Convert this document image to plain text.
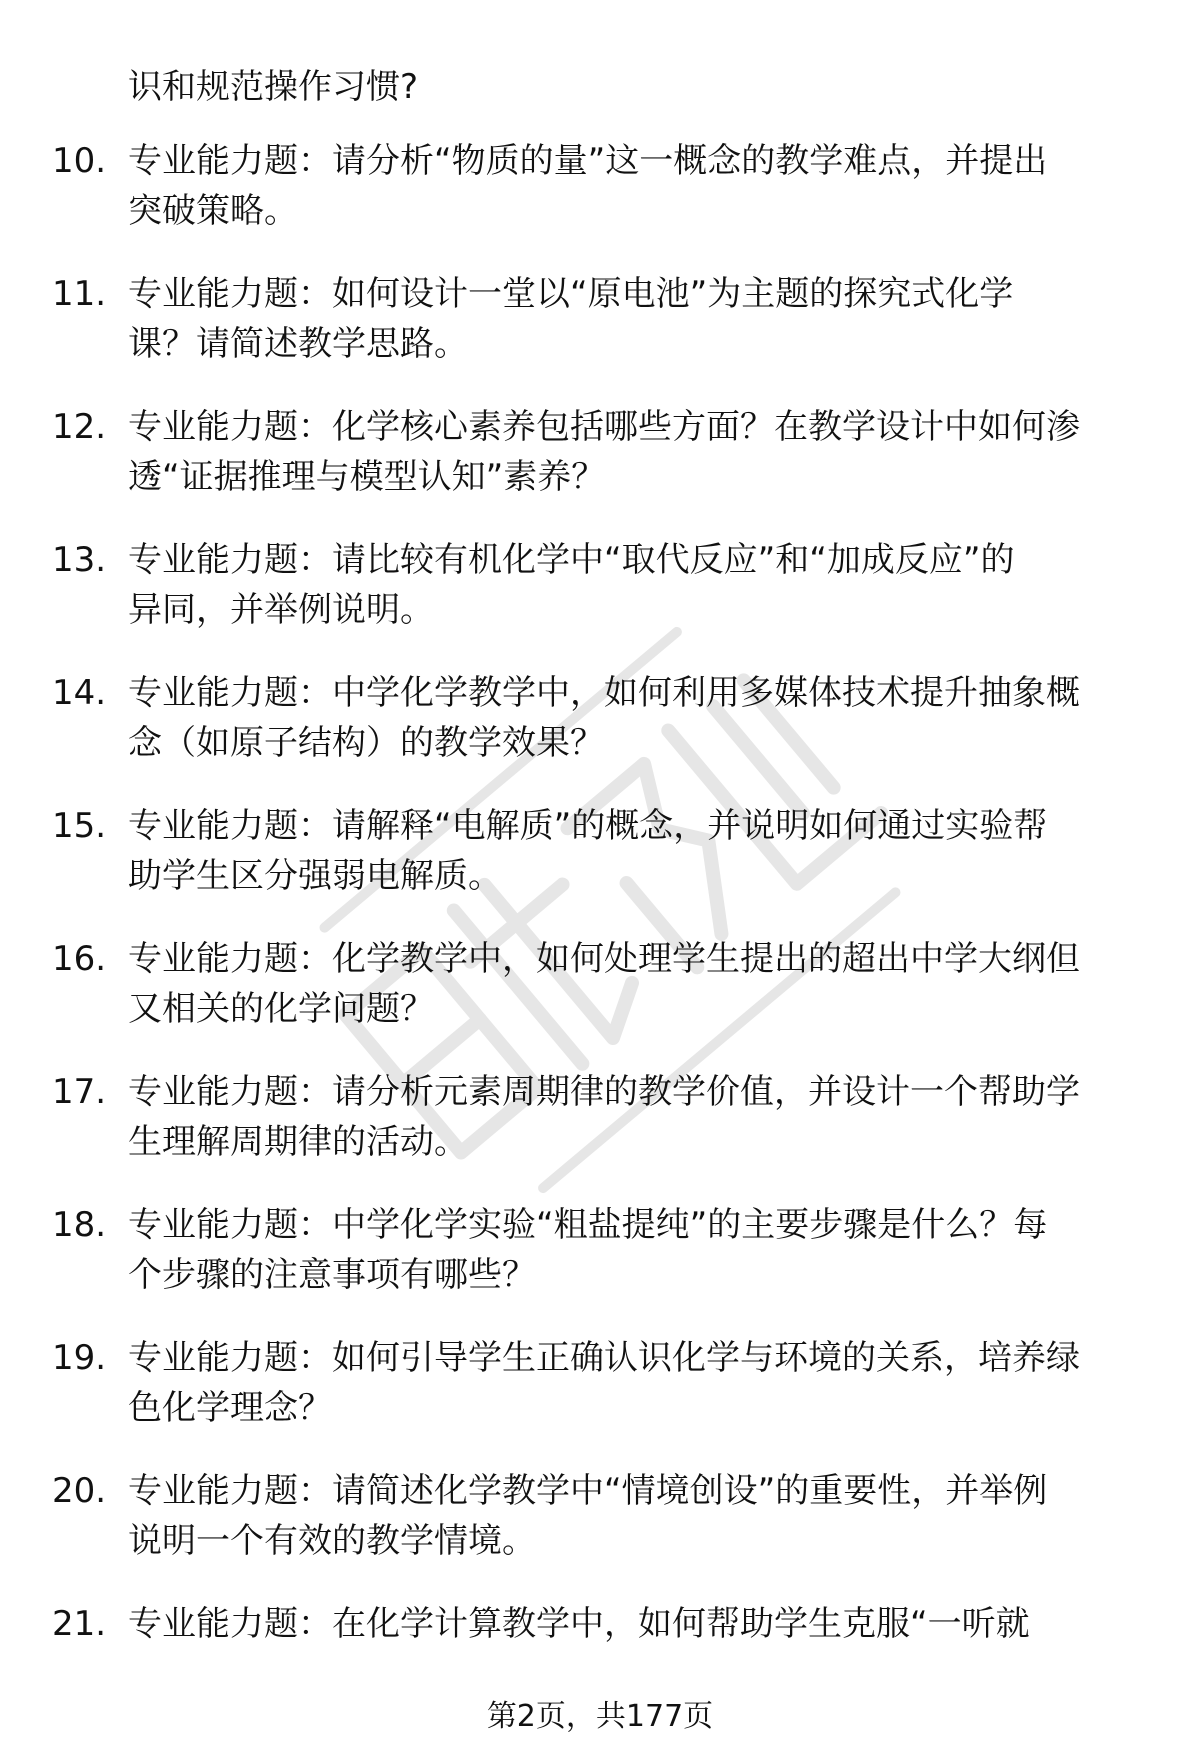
识和规范操作习惯?
10. 专业能力题：请分析“物质的量”这一概念的教学难点，并提出
突破策略。
11. 专业能力题：如何设计一堂以“原电池”为主题的探究式化学
课？请简述教学思路。
12. 专业能力题：化学核心素养包括哪些方面？在教学设计中如何渗
透“证据推理与模型认知”素养？
13. 专业能力题：请比较有机化学中“取代反应”和“加成反应”的
异同，并举例说明。
14. 专业能力题：中学化学教学中，如何利用多媒体技术提升抽象概
念（如原子结构）的教学效果？
15. 专业能力题：请解释“电解质”的概念，并说明如何通过实验帮
助学生区分强弱电解质。
16. 专业能力题：化学教学中，如何处理学生提出的超出中学大纲但
又相关的化学问题？
17. 专业能力题：请分析元素周期律的教学价值，并设计一个帮助学
生理解周期律的活动。
18. 专业能力题：中学化学实验“粗盐提纯”的主要步骤是什么？每
个步骤的注意事项有哪些？
19. 专业能力题：如何引导学生正确认识化学与环境的关系，培养绿
色化学理念？
20. 专业能力题：请简述化学教学中“情境创设”的重要性，并举例
说明一个有效的教学情境。
21. 专业能力题：在化学计算教学中，如何帮助学生克服“一听就
第2页，共177页
